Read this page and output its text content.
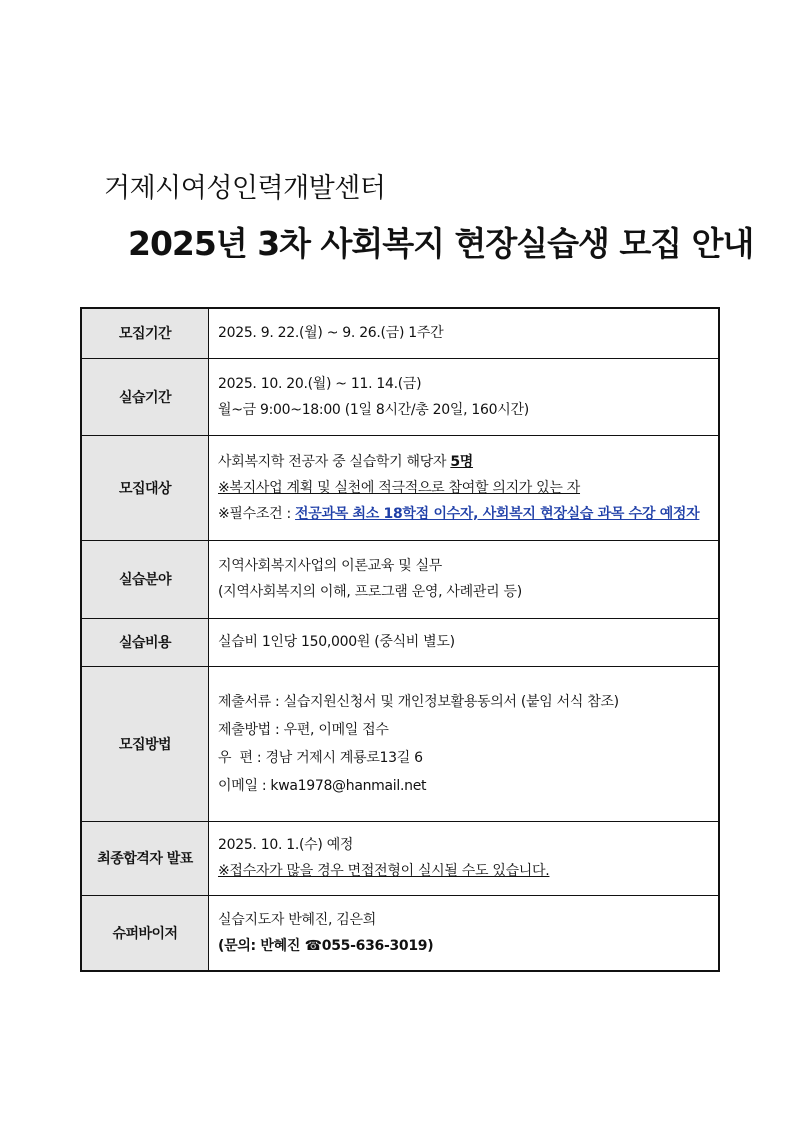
거제시여성인력개발센터
2025년 3차 사회복지 현장실습생 모집 안내
모집기간	2025. 9. 22.(월) ~ 9. 26.(금) 1주간

실습기간	2025. 10. 20.(월) ~ 11. 14.(금)
월~금 9:00~18:00 (1일 8시간/총 20일, 160시간)

모집대상	사회복지학 전공자 중 실습학기 해당자 5명
※복지사업 계획 및 실천에 적극적으로 참여할 의지가 있는 자
※필수조건 : 전공과목 최소 18학점 이수자, 사회복지 현장실습 과목 수강 예정자

실습분야	지역사회복지사업의 이론교육 및 실무
(지역사회복지의 이해, 프로그램 운영, 사례관리 등)

실습비용	실습비 1인당 150,000원 (중식비 별도)

모집방법	제출서류 : 실습지원신청서 및 개인정보활용동의서 (붙임 서식 참조)
제출방법 : 우편, 이메일 접수
우  편 : 경남 거제시 계룡로13길 6
이메일 : kwa1978@hanmail.net

최종합격자 발표	2025. 10. 1.(수) 예정
※접수자가 많을 경우 면접전형이 실시될 수도 있습니다.

슈퍼바이저	실습지도자 반혜진, 김은희
(문의: 반혜진 ☎055-636-3019)
